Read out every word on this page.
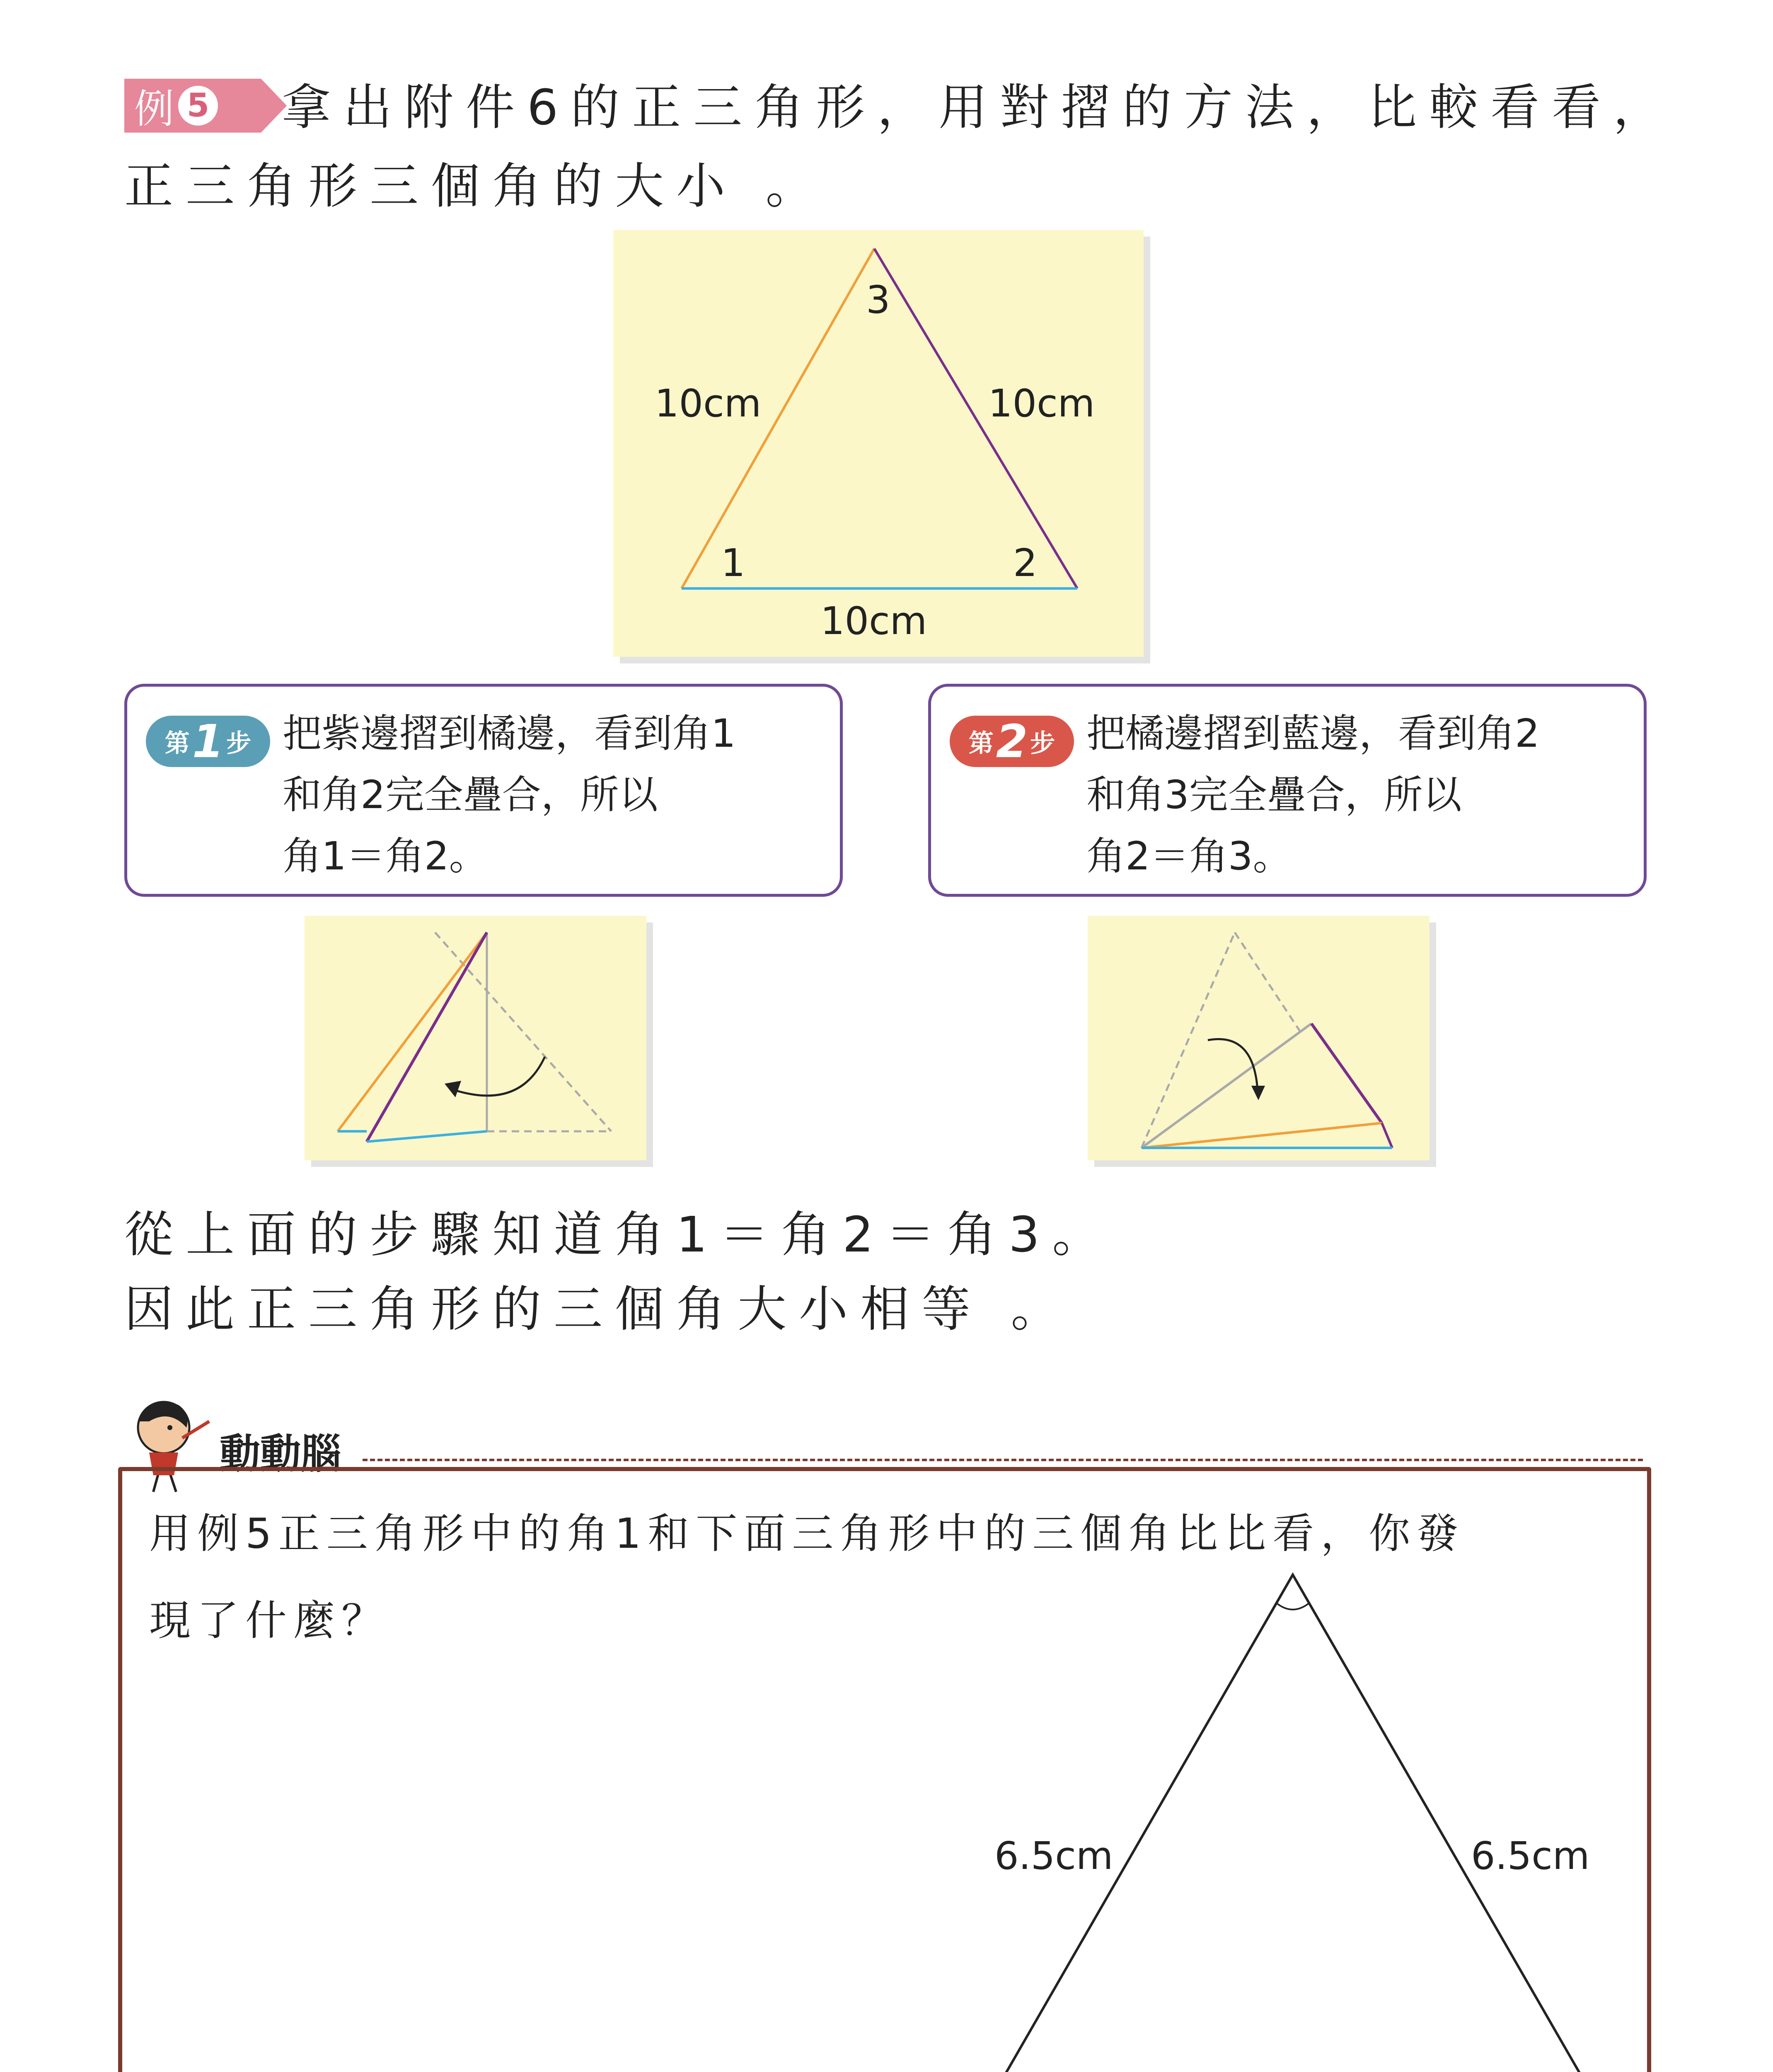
例 5 拿出附件6的正三角形，用對摺的方法，比較看看，
正三角形三個角的大小 。
3
1	2
10cm	10cm
10cm
第 1 步 把紫邊摺到橘邊，看到角1
和角2完全疊合，所以
角1＝角2。
第 2 步 把橘邊摺到藍邊，看到角2
和角3完全疊合，所以
角2＝角3。
從上面的步驟知道角1＝角2＝角3。
因此正三角形的三個角大小相等 。
動動腦
用例5正三角形中的角1和下面三角形中的三個角比比看，你發
現了什麼？
6.5cm	6.5cm
